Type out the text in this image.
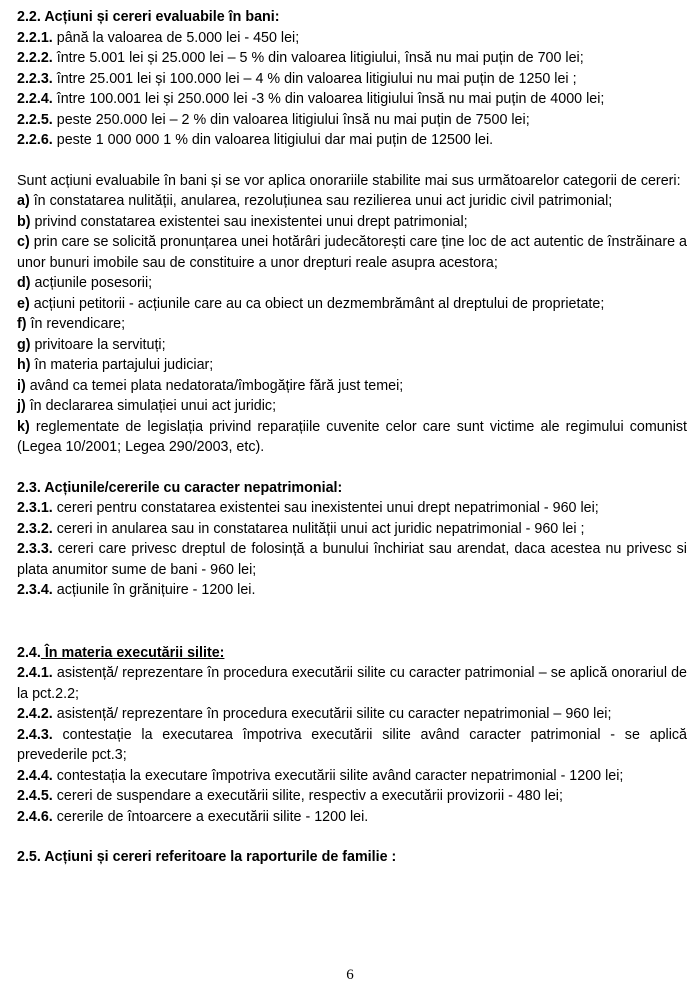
2.2. Acțiuni și cereri evaluabile în bani:
2.2.1. până la valoarea de 5.000 lei - 450 lei;
2.2.2. între 5.001 lei și 25.000 lei – 5 % din valoarea litigiului, însă nu mai puțin de 700 lei;
2.2.3. între 25.001 lei și 100.000 lei – 4 % din valoarea litigiului nu mai puțin de 1250 lei ;
2.2.4. între 100.001 lei și 250.000 lei -3 % din valoarea litigiului însă nu mai puțin de 4000 lei;
2.2.5. peste 250.000 lei – 2 % din valoarea litigiului însă nu mai puțin de 7500 lei;
2.2.6. peste 1 000 000 1 % din valoarea litigiului dar mai puțin de 12500 lei.
Sunt acțiuni evaluabile în bani și se vor aplica onorariile stabilite mai sus următoarelor categorii de cereri:
a) în constatarea nulității, anularea, rezoluțiunea sau rezilierea unui act juridic civil patrimonial;
b) privind constatarea existentei sau inexistentei unui drept patrimonial;
c) prin care se solicită pronunțarea unei hotărâri judecătorești care ține loc de act autentic de înstrăinare a unor bunuri imobile sau de constituire a unor drepturi reale asupra acestora;
d) acțiunile posesorii;
e) acțiuni petitorii - acțiunile care au ca obiect un dezmembrământ al dreptului de proprietate;
f) în revendicare;
g) privitoare la servituți;
h) în materia partajului judiciar;
i) având ca temei plata nedatorata/îmbogățire fără just temei;
j) în declararea simulației unui act juridic;
k) reglementate de legislația privind reparațiile cuvenite celor care sunt victime ale regimului comunist (Legea 10/2001; Legea 290/2003, etc).
2.3. Acțiunile/cererile cu caracter nepatrimonial:
2.3.1. cereri pentru constatarea existentei sau inexistentei unui drept nepatrimonial - 960 lei;
2.3.2. cereri in anularea sau in constatarea nulității unui act juridic nepatrimonial - 960 lei ;
2.3.3. cereri care privesc dreptul de folosință a bunului închiriat sau arendat, daca acestea nu privesc si plata anumitor sume de bani - 960 lei;
2.3.4. acțiunile în grănițuire - 1200 lei.
2.4. În materia executării silite:
2.4.1. asistență/ reprezentare în procedura executării silite cu caracter patrimonial – se aplică onorariul de la pct.2.2;
2.4.2. asistență/ reprezentare în procedura executării silite cu caracter nepatrimonial – 960 lei;
2.4.3. contestație la executarea împotriva executării silite având caracter patrimonial - se aplică prevederile pct.3;
2.4.4. contestația la executare împotriva executării silite având caracter nepatrimonial - 1200 lei;
2.4.5. cereri de suspendare a executării silite, respectiv a executării provizorii - 480 lei;
2.4.6. cererile de întoarcere a executării silite - 1200 lei.
2.5. Acțiuni și cereri referitoare la raporturile de familie :
6
